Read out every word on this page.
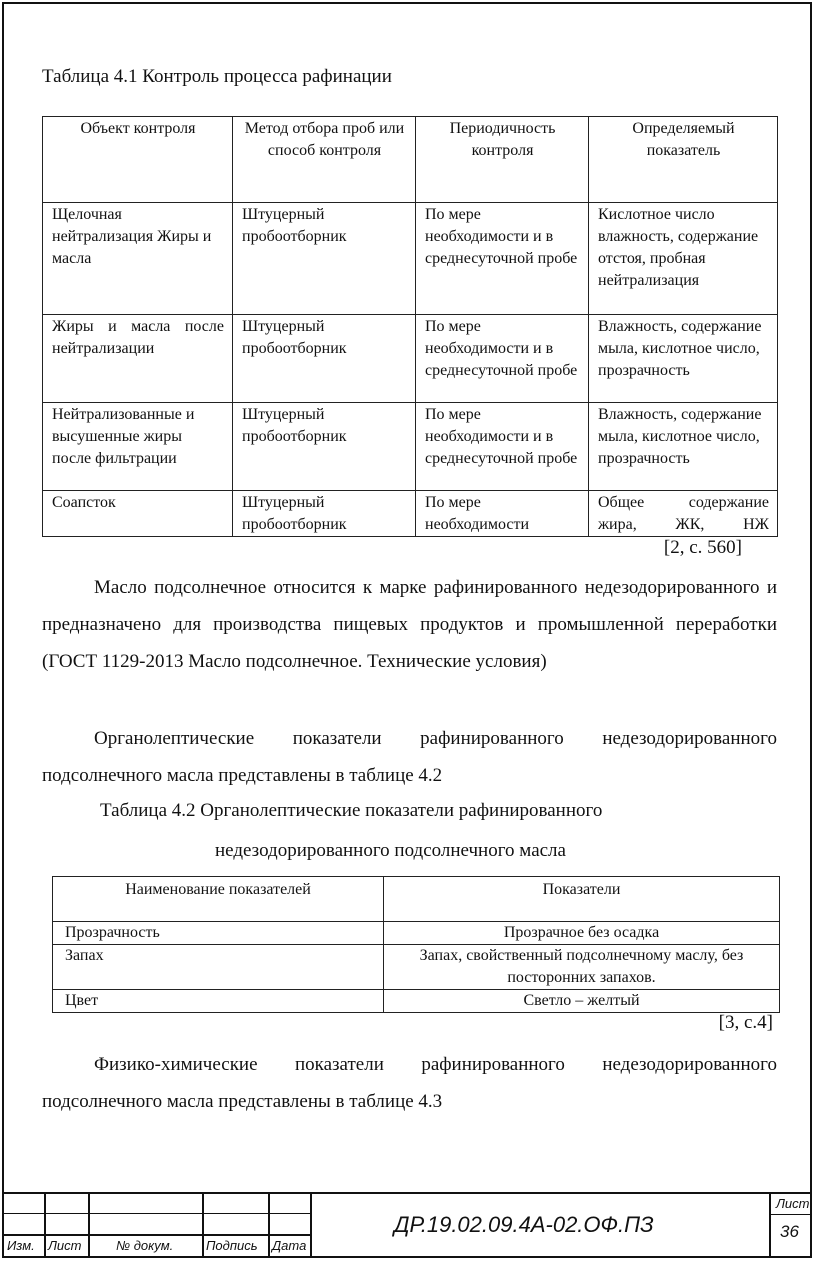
Таблица 4.1 Контроль процесса рафинации
Объект контроля	Метод отбора проб или способ контроля	Периодичность контроля	Определяемый показатель
Щелочная нейтрализация Жиры и масла	Штуцерный пробоотборник	По мере необходимости и в среднесуточной пробе	Кислотное число влажность, содержание отстоя, пробная нейтрализация
Жиры и масла после нейтрализации	Штуцерный пробоотборник	По мере необходимости и в среднесуточной пробе	Влажность, содержание мыла, кислотное число, прозрачность
Нейтрализованные и высушенные жиры после фильтрации	Штуцерный пробоотборник	По мере необходимости и в среднесуточной пробе	Влажность, содержание мыла, кислотное число, прозрачность
Соапсток	Штуцерный пробоотборник	По мере необходимости	Общее содержание жира, ЖК, НЖ
[2, с. 560]

Масло подсолнечное относится к марке рафинированного недезодорированного и предназначено для производства пищевых продуктов и промышленной переработки (ГОСТ 1129-2013 Масло подсолнечное. Технические условия)

Органолептические показатели рафинированного недезодорированного подсолнечного масла представлены в таблице 4.2

Таблица 4.2 Органолептические показатели рафинированного
недезодорированного подсолнечного масла
Наименование показателей	Показатели
Прозрачность	Прозрачное без осадка
Запах	Запах, свойственный подсолнечному маслу, без посторонних запахов.
Цвет	Светло – желтый
[3, с.4]

Физико-химические показатели рафинированного недезодорированного подсолнечного масла представлены в таблице 4.3

Изм. Лист	№ докум.	Подпись Дата
ДР.19.02.09.4А-02.ОФ.ПЗ
Лист
36
